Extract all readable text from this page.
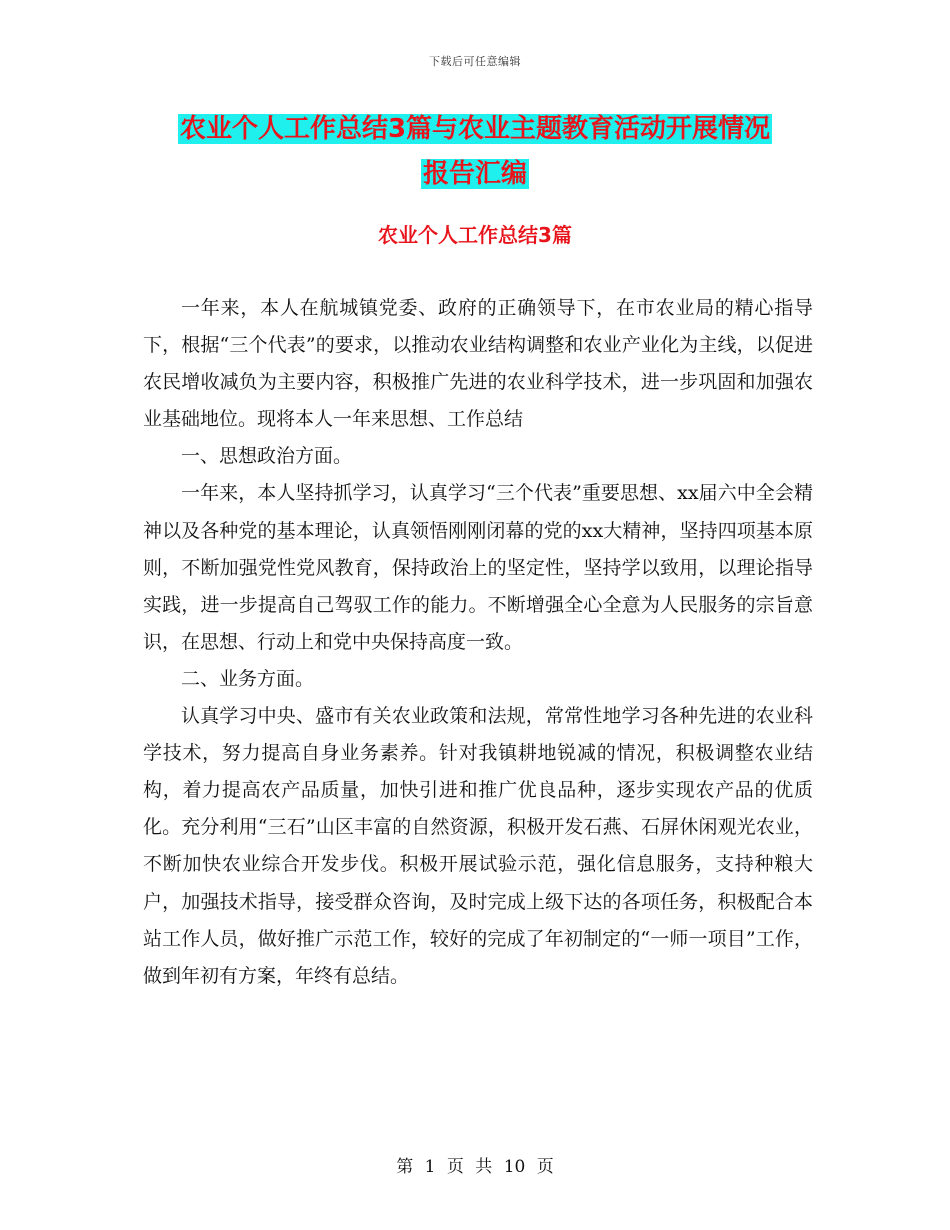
下载后可任意编辑
农业个人工作总结3篇与农业主题教育活动开展情况
报告汇编
农业个人工作总结3篇

一年来，本人在航城镇党委、政府的正确领导下，在市农业局的精心指导下，根据“三个代表”的要求，以推动农业结构调整和农业产业化为主线，以促进农民增收减负为主要内容，积极推广先进的农业科学技术，进一步巩固和加强农业基础地位。现将本人一年来思想、工作总结

一、思想政治方面。

一年来，本人坚持抓学习，认真学习“三个代表”重要思想、xx届六中全会精神以及各种党的基本理论，认真领悟刚刚闭幕的党的xx大精神，坚持四项基本原则，不断加强党性党风教育，保持政治上的坚定性，坚持学以致用，以理论指导实践，进一步提高自己驾驭工作的能力。不断增强全心全意为人民服务的宗旨意识，在思想、行动上和党中央保持高度一致。

二、业务方面。

认真学习中央、盛市有关农业政策和法规，常常性地学习各种先进的农业科学技术，努力提高自身业务素养。针对我镇耕地锐减的情况，积极调整农业结构，着力提高农产品质量，加快引进和推广优良品种，逐步实现农产品的优质化。充分利用“三石”山区丰富的自然资源，积极开发石燕、石屏休闲观光农业，不断加快农业综合开发步伐。积极开展试验示范，强化信息服务，支持种粮大户，加强技术指导，接受群众咨询，及时完成上级下达的各项任务，积极配合本站工作人员，做好推广示范工作，较好的完成了年初制定的“一师一项目”工作，做到年初有方案，年终有总结。

第 1 页 共 10 页
